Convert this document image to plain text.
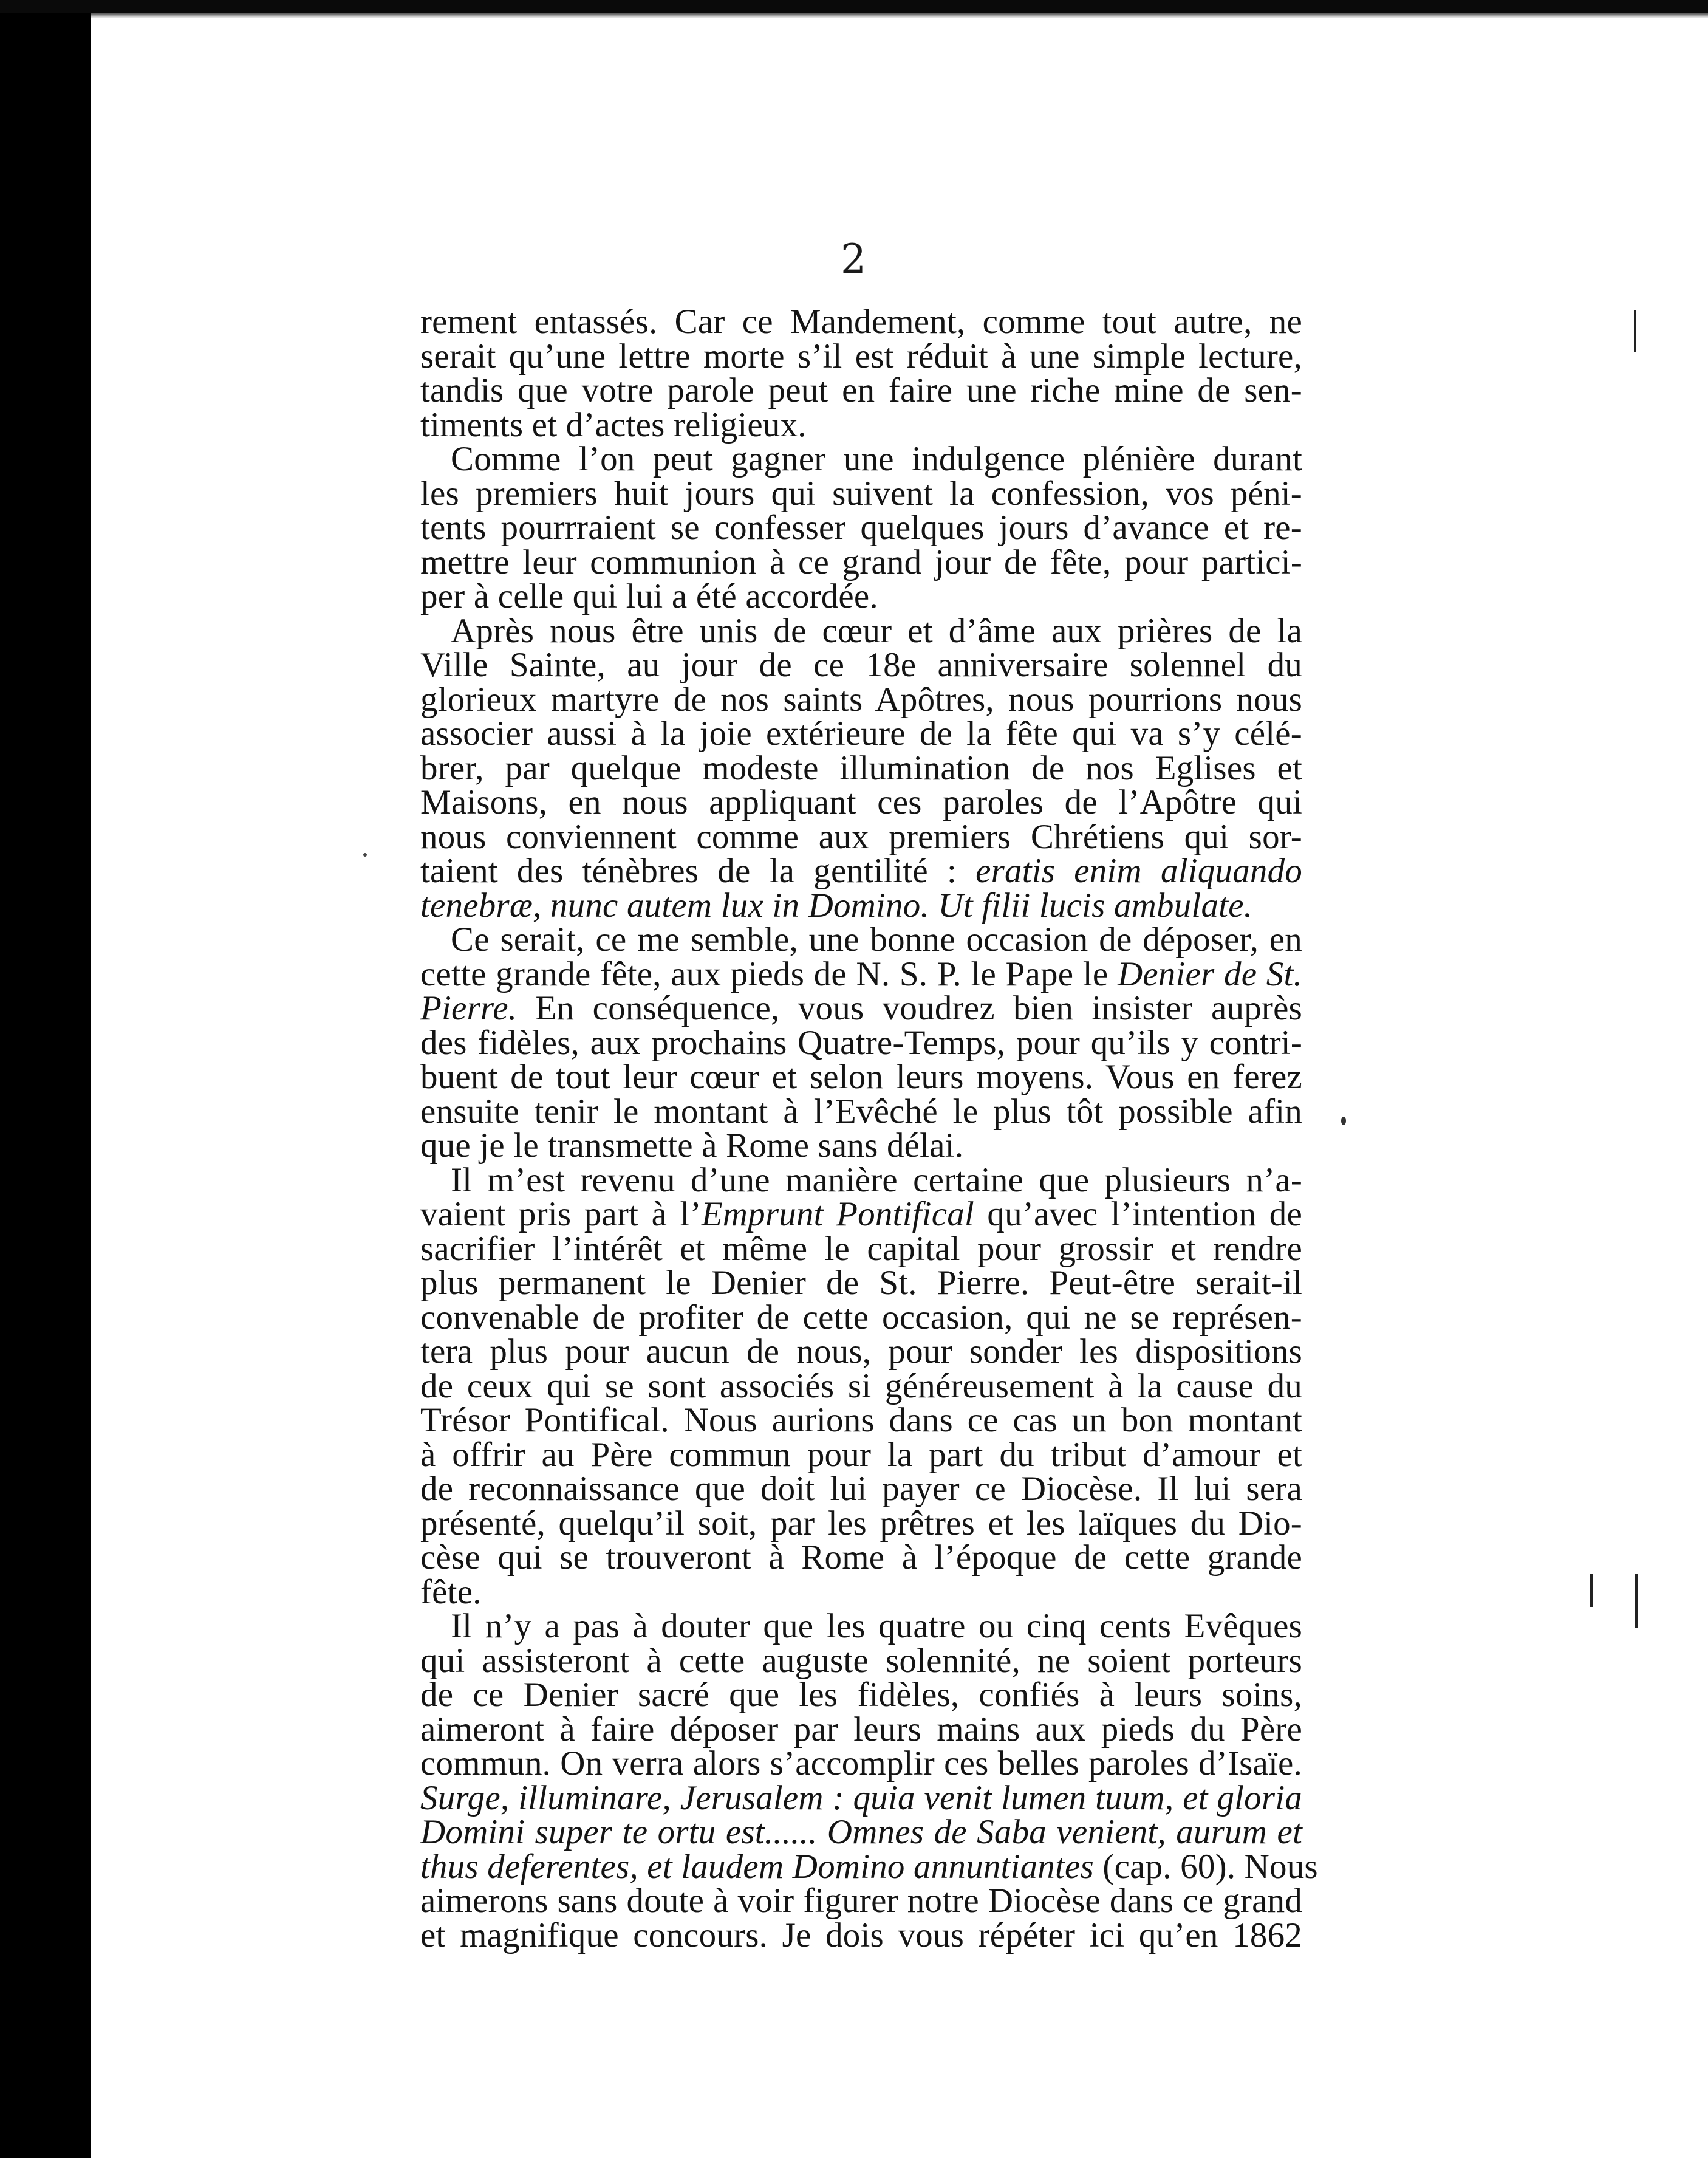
2
rement entassés. Car ce Mandement, comme tout autre, ne
serait qu’une lettre morte s’il est réduit à une simple lecture,
tandis que votre parole peut en faire une riche mine de sen-
timents et d’actes religieux.
Comme l’on peut gagner une indulgence plénière durant
les premiers huit jours qui suivent la confession, vos péni-
tents pourrraient se confesser quelques jours d’avance et re-
mettre leur communion à ce grand jour de fête, pour partici-
per à celle qui lui a été accordée.
Après nous être unis de cœur et d’âme aux prières de la
Ville Sainte, au jour de ce 18e anniversaire solennel du
glorieux martyre de nos saints Apôtres, nous pourrions nous
associer aussi à la joie extérieure de la fête qui va s’y célé-
brer, par quelque modeste illumination de nos Eglises et
Maisons, en nous appliquant ces paroles de l’Apôtre qui
nous conviennent comme aux premiers Chrétiens qui sor-
taient des ténèbres de la gentilité : eratis enim aliquando
tenebræ, nunc autem lux in Domino. Ut filii lucis ambulate.
Ce serait, ce me semble, une bonne occasion de déposer, en
cette grande fête, aux pieds de N. S. P. le Pape le Denier de St.
Pierre. En conséquence, vous voudrez bien insister auprès
des fidèles, aux prochains Quatre-Temps, pour qu’ils y contri-
buent de tout leur cœur et selon leurs moyens. Vous en ferez
ensuite tenir le montant à l’Evêché le plus tôt possible afin
que je le transmette à Rome sans délai.
Il m’est revenu d’une manière certaine que plusieurs n’a-
vaient pris part à l’Emprunt Pontifical qu’avec l’intention de
sacrifier l’intérêt et même le capital pour grossir et rendre
plus permanent le Denier de St. Pierre. Peut-être serait-il
convenable de profiter de cette occasion, qui ne se représen-
tera plus pour aucun de nous, pour sonder les dispositions
de ceux qui se sont associés si généreusement à la cause du
Trésor Pontifical. Nous aurions dans ce cas un bon montant
à offrir au Père commun pour la part du tribut d’amour et
de reconnaissance que doit lui payer ce Diocèse. Il lui sera
présenté, quelqu’il soit, par les prêtres et les laïques du Dio-
cèse qui se trouveront à Rome à l’époque de cette grande
fête.
Il n’y a pas à douter que les quatre ou cinq cents Evêques
qui assisteront à cette auguste solennité, ne soient porteurs
de ce Denier sacré que les fidèles, confiés à leurs soins,
aimeront à faire déposer par leurs mains aux pieds du Père
commun. On verra alors s’accomplir ces belles paroles d’Isaïe.
Surge, illuminare, Jerusalem : quia venit lumen tuum, et gloria
Domini super te ortu est...... Omnes de Saba venient, aurum et
thus deferentes, et laudem Domino annuntiantes (cap. 60). Nous
aimerons sans doute à voir figurer notre Diocèse dans ce grand
et magnifique concours. Je dois vous répéter ici qu’en 1862
